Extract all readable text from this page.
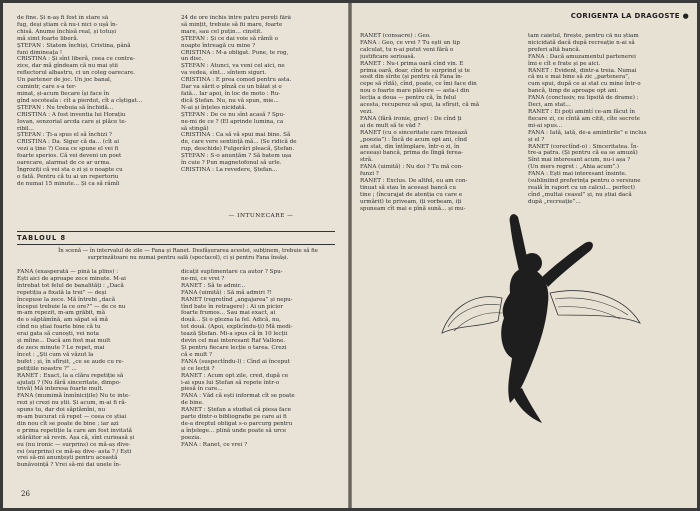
de fine. Și n-aș fi fost în stare să
fug, deși știam că nu-i nici o ușă în-
chisă. Anume închisă real, și totuși
mă simt foarte liberă.
ȘTEFAN : Statem închiși, Cristina, până
funi dimineața !
CRISTINA : Și sînt liberă, ceea ce contra-
zice, dar mă gîndeam că nu mai știi
reflectorul albastru, ci un coleg oarecare.
Un partener de joc. Un joc banal,
cumintr, care s-a ter-
minat, și-acum fiecare își face în
gînd socoteala : cît a pierdut, cît a cîștigat...
ȘTEFAN : Nu trebuia să închidă...
CRISTINA : A fost inventia lui Horațiu
Iovan, senzorial arcda care și plăce te-
ribil...
ȘTEFAN : Ți-a spus el să închizi ?
CRISTINA : Da. Sigur că da... (cît ai
vezi a ține ?) Ceea ce spune el vei fi
foarte sperios. Că vei deveni un poet
oarecare, alarmat de ce ar urma.
Îngroziți că vei sta o zi și o noapte cu
o fată. Pentru că tu ai un repertoriu
de numai 15 minute... Și ca să rămîi
24 de ore închis între patru pereți fără
să mințit, trebuie să fii mare, foarte
mare, sau cel puțin... cinstit.
ȘTEFAN : Și ce dai voie să rămîi o
noapte întreagă cu mine ?
CRISTINA : M-a obligat. Pune, te rog,
un disc.
ȘTEFAN : Atunci, va veni cel aici, ne
va vedea, sînt... sîntem siguri.
CRISTINA : E prea comod pentru asta.
Dar va sărit o pînză cu un băiat și o
fată... Iar apoi, în loc de moto : Ru-
dică Ștefan. Nu, nu vă spun, mie...
N-ai și înțeles nicidată.
ȘTEFAN : De ce nu sînt acasă ? Spu-
ne-mi de ce ? (El aprinde lumina, ca
să stingă)
CRISTINA : Ca să vă spui mai bine. Să
de, care vere sentință mă... (Se ridică de
rup, deschide) Fulgerări pleacă, Ștefan.
ȘTEFAN : S-o anunțăm ? Să batem ușa
în cuie ? Pun magnetofonul să urle.
CRISTINA : La revedere, Ștefan...
— INTUNECARE —
TABLOUL 8
În scenă — în intervalul de zile — Fana și Ranet. Desfășurarea acestei, subținem, trebuie să fie surprinzătoare nu numai pentru sală (spectacol), ci și pentru Fana însăși.
FANA (exasperată — pînă la plîns) :
Ești aici de aproape zece minute. M-ai
întrebat tot felul de banalități : „Dacă
repetiția a fixată la trei” — deși
începuse la zece. Mă întrebi „dacă
începui trebuie la ce ore?” — de ce nu
m-am repezit, m-am grăbit, mă
de o săptămînă, am săpat să mă
cînd nu știai foarte bine că tu
erai gata să cunoști, vei nota
și mîine... Dacă am fost mai mult
de zece minute ? Le repet, mai
încet : „Ști cum vă văzut la
bufet ; și, în sfîrșit, „ce se aude cu re-
petițiile noastre ?” ...
RANET : Exact, la a clăra repetiție să
ajutați ? (Nu fără sinceritate, dimpo-
trivă) Mă interesa foarte mult.
FANA (mumimă înmînicițile) Nu te inte-
rezi și crezi nu știi. Și acum, m-ai fi ră-
spuns tu, dar doi săptămîni, nu
m-am bucurat că repet — ceea ce știai
din nou cît se poate de bine ; iar azi
e prima repetiție la care am fost invitată
stărăitor să revin. Așa că, sînt curioasă și
eu (nu ironic — surprins) ce mă-aș dive-
rsi (surprins) ce mă-aș dive- asta ? / Ești
vrei să-mi anunțești pentru această
bunăvoință ? Vrei să-mi dai unele în-
dicații suplimentare ca autor ? Spu-
ne-mi, ce vrei ?
RANET : Să te admir...
FANA (uimită) : Să mă admiri ?!
RANET (regretînd „angajarea” și nepu-
tînd bate în retragere) : Ai un picior
foarte frumos... Sau mai exact, ai
două... Și o glezna la fel. Adică, nu,
tot două. (Apoi, explicîndu-ți) Mă medi-
tează Ștefan. Mi-a spus că în 10 lecții
devin cel mai interesant Raf Vallone.
Și pentru fiecare lecție o tarea. Crezi
că e mult ?
FANA (suspectîndu-l) : Cînd ai început
și ce lecții ?
RANET : Acum opt zile, cred, după ce
i-ai spus lui Ștefan să repete într-o
piesă în care...
FANA : Văd că ești informat cît se poate
de bine.
RANET : Ștefan a studiat că piesa face
parte dintr-o bibliografie pe care ai fi
de-a dreptul obligat s-o parcurg pentru
a înțelege... plină unde poate să urce
poezia.
FANA : Ranet, ce vrei ?
26
CORIGENTA LA DRAGOSTE ●
RANET (consacre) : Geo.
FANA : Geo, ce vrei ? Tu ești un tip
calculat, tu n-ai putut veni fără o
justificare serioasă.
RANET : Nu-i prima oară cînd vin. E
prima oară, doar, cînd te surprind și te
sosit din sîrite (și pentru că Fana în-
cepe să rîdă), cînd, poate, ce îmi face din
nou o foarte mare plăcere — asta-i din
lecția a doua — pentru că, în felul
acesta, recuperez să spui, la sfîrșit, că mă
vezi.
FANA (fără ironie, grav) : De cînd ți
ai de mult să te văd ?
RANET (cu o sinceritate care frizează
„poezia”) : Încă de acum opt ani, cînd
am stat, din întîmplare, într-o zi, în
aceeași bancă, prima de lîngă ferea-
stră.
FANA (uimită) : Nu doi ? Tu mă con-
funzi ?
RANET : Exclus. De altfel, eu am con-
tinuat să stau în aceeași bancă cu
tine ; (încurajat de atenția cu care e
urmărit) te priveam, iți vorbeam, iți
spuneam cît mai e pînă sună... și mu-
tam caietul, firește, pentru că nu știam
nicicidată dacă după recreație n-ai să
preferi altă bancă.
FANA : Dacă amuzamentul partenerei
îmi e cît e frate și pe aici.
RANET : Evident, dintr-a treia. Numai
că nu e mai bine să zic „partenera”,
cum spui, după ce ai stat cu mine într-o
bancă, timp de aproape opt ani.
FANA (conclusiv, nu lipsită de drame) :
Deci, am stat...
RANET : Ei poți amintí ce-am făcut în
fiecare zi, ce cîntă am citit, cîte secrete
mi-ai spus...
FANA : Iată, iată, de-a amintirile" e inclus
și el ?
RANET (corectînd-o) : Sinceritatea. În-
tre-a patra. (Și pentru că ea se amuză)
Sînt mai interesant acum, nu-i așa ?
(Un mers regret : „Ahia acum”.)
FANA : Ești mai interesant însinte.
(subliniind preferința pentru o versiune
reală în raport cu un calcul... perfect)
cînd „multai ceasul” și, nu știai dacă
după „recreație”...
